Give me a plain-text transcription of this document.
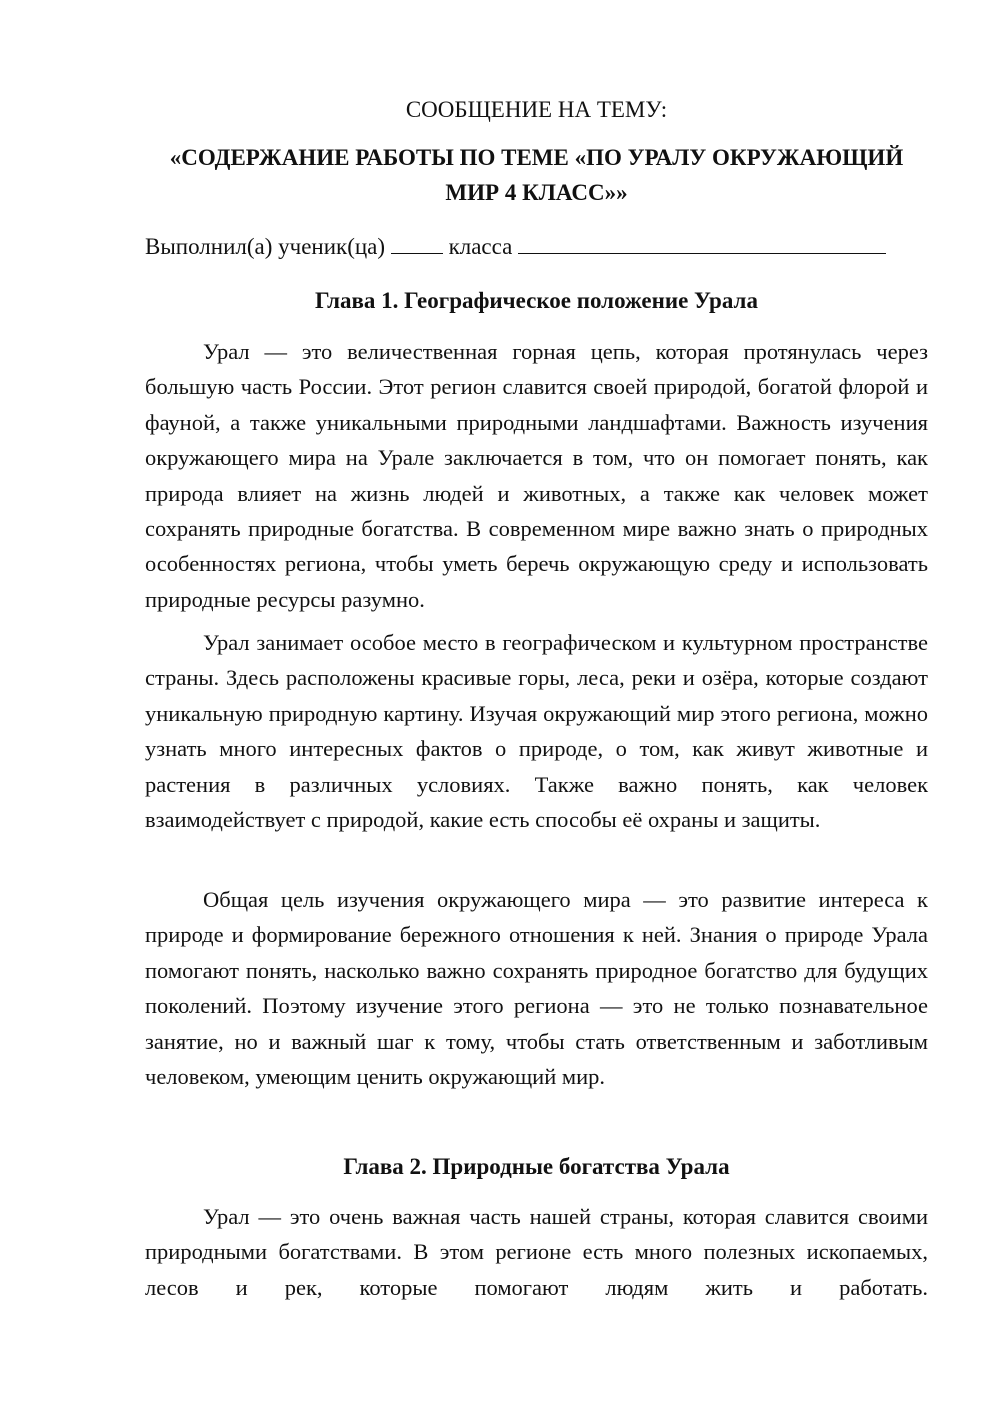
СООБЩЕНИЕ НА ТЕМУ:
«СОДЕРЖАНИЕ РАБОТЫ ПО ТЕМЕ «ПО УРАЛУ ОКРУЖАЮЩИЙ МИР 4 КЛАСС»»
Выполнил(а) ученик(ца)	класса
Глава 1. Географическое положение Урала

Урал — это величественная горная цепь, которая протянулась через большую часть России. Этот регион славится своей природой, богатой флорой и фауной, а также уникальными природными ландшафтами. Важность изучения окружающего мира на Урале заключается в том, что он помогает понять, как природа влияет на жизнь людей и животных, а также как человек может сохранять природные богатства. В современном мире важно знать о природных особенностях региона, чтобы уметь беречь окружающую среду и использовать природные ресурсы разумно.

Урал занимает особое место в географическом и культурном пространстве страны. Здесь расположены красивые горы, леса, реки и озёра, которые создают уникальную природную картину. Изучая окружающий мир этого региона, можно узнать много интересных фактов о природе, о том, как живут животные и растения в различных условиях. Также важно понять, как человек взаимодействует с природой, какие есть способы её охраны и защиты.

Общая цель изучения окружающего мира — это развитие интереса к природе и формирование бережного отношения к ней. Знания о природе Урала помогают понять, насколько важно сохранять природное богатство для будущих поколений. Поэтому изучение этого региона — это не только познавательное занятие, но и важный шаг к тому, чтобы стать ответственным и заботливым человеком, умеющим ценить окружающий мир.

Глава 2. Природные богатства Урала

Урал — это очень важная часть нашей страны, которая славится своими природными богатствами. В этом регионе есть много полезных ископаемых, лесов и рек, которые помогают людям жить и работать.
